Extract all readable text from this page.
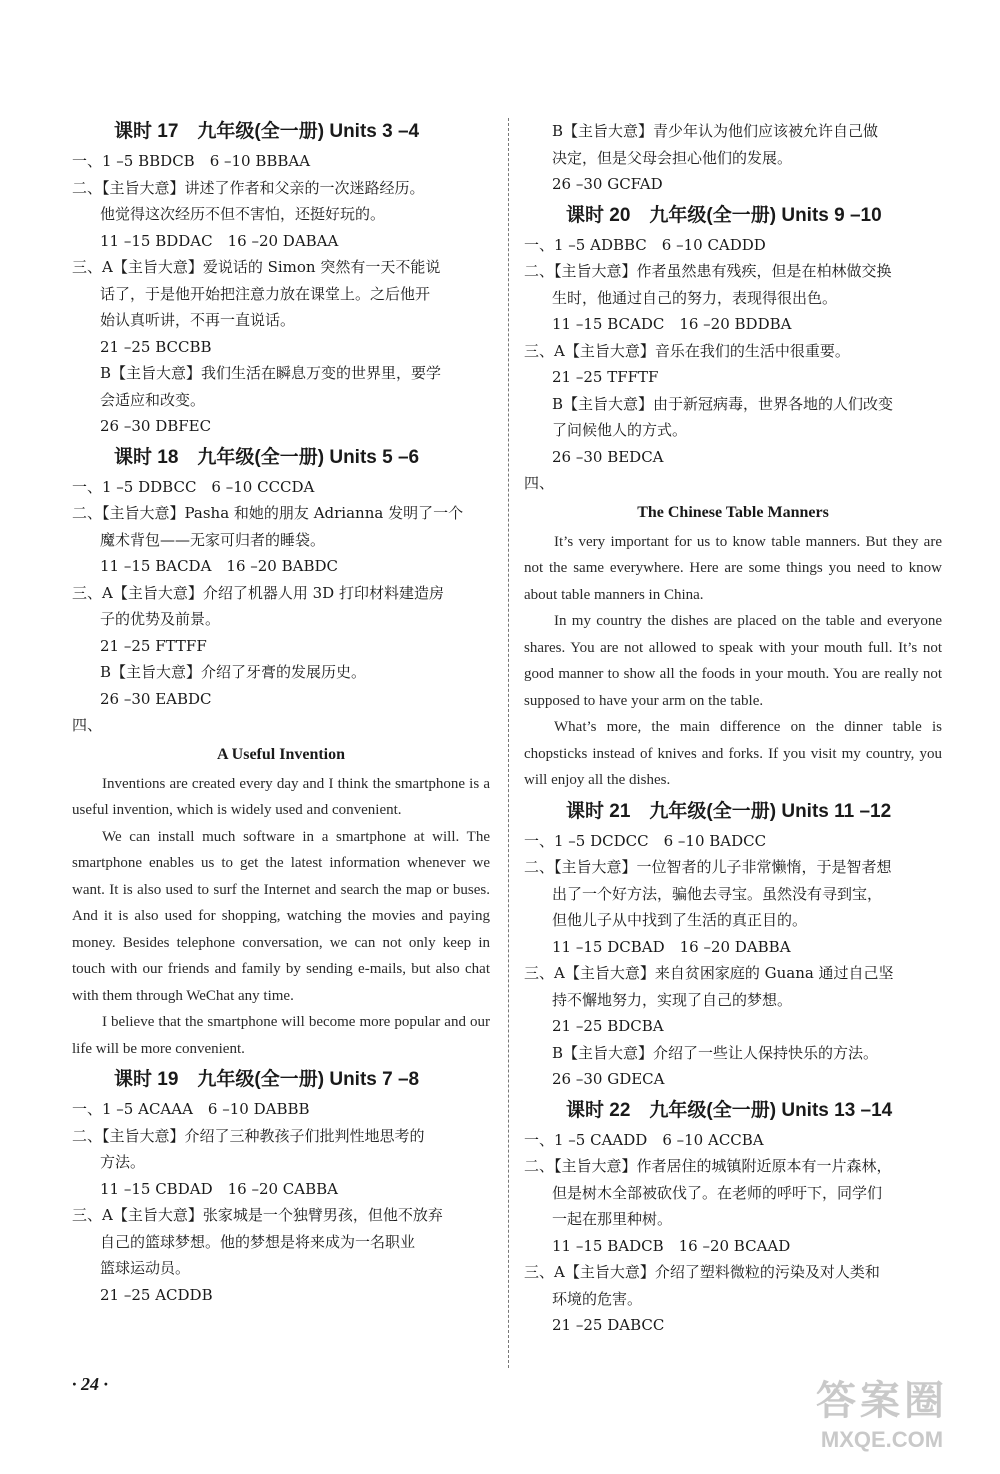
课时 17　九年级(全一册) Units 3 –4
一、1 –5 BBDCB　6 –10 BBBAA
二、【主旨大意】讲述了作者和父亲的一次迷路经历。
他觉得这次经历不但不害怕，还挺好玩的。
11 –15 BDDAC　16 –20 DABAA
三、A【主旨大意】爱说话的 Simon 突然有一天不能说
话了，于是他开始把注意力放在课堂上。之后他开
始认真听讲，不再一直说话。
21 –25 BCCBB
B【主旨大意】我们生活在瞬息万变的世界里，要学
会适应和改变。
26 –30 DBFEC
课时 18　九年级(全一册) Units 5 –6
一、1 –5 DDBCC　6 –10 CCCDA
二、【主旨大意】Pasha 和她的朋友 Adrianna 发明了一个
魔术背包——无家可归者的睡袋。
11 –15 BACDA　16 –20 BABDC
三、A【主旨大意】介绍了机器人用 3D 打印材料建造房
子的优势及前景。
21 –25 FTTFF
B【主旨大意】介绍了牙膏的发展历史。
26 –30 EABDC
四、
A Useful Invention

Inventions are created every day and I think the smartphone is a useful invention, which is widely used and convenient.

We can install much software in a smartphone at will. The smartphone enables us to get the latest information whenever we want. It is also used to surf the Internet and search the map or buses. And it is also used for shopping, watching the movies and paying money. Besides telephone conversation, we can not only keep in touch with our friends and family by sending e-mails, but also chat with them through WeChat any time.

I believe that the smartphone will become more popular and our life will be more convenient.

课时 19　九年级(全一册) Units 7 –8
一、1 –5 ACAAA　6 –10 DABBB
二、【主旨大意】介绍了三种教孩子们批判性地思考的
方法。
11 –15 CBDAD　16 –20 CABBA
三、A【主旨大意】张家城是一个独臂男孩，但他不放弃
自己的篮球梦想。他的梦想是将来成为一名职业
篮球运动员。
21 –25 ACDDB
B【主旨大意】青少年认为他们应该被允许自己做
决定，但是父母会担心他们的发展。
26 –30 GCFAD
课时 20　九年级(全一册) Units 9 –10
一、1 –5 ADBBC　6 –10 CADDD
二、【主旨大意】作者虽然患有残疾，但是在柏林做交换
生时，他通过自己的努力，表现得很出色。
11 –15 BCADC　16 –20 BDDBA
三、A【主旨大意】音乐在我们的生活中很重要。
21 –25 TFFTF
B【主旨大意】由于新冠病毒，世界各地的人们改变
了问候他人的方式。
26 –30 BEDCA
四、
The Chinese Table Manners

It’s very important for us to know table manners. But they are not the same everywhere. Here are some things you need to know about table manners in China.

In my country the dishes are placed on the table and everyone shares. You are not allowed to speak with your mouth full. It’s not good manner to show all the foods in your mouth. You are really not supposed to have your arm on the table.

What’s more, the main difference on the dinner table is chopsticks instead of knives and forks. If you visit my country, you will enjoy all the dishes.

课时 21　九年级(全一册) Units 11 –12
一、1 –5 DCDCC　6 –10 BADCC
二、【主旨大意】一位智者的儿子非常懒惰，于是智者想
出了一个好方法，骗他去寻宝。虽然没有寻到宝，
但他儿子从中找到了生活的真正目的。
11 –15 DCBAD　16 –20 DABBA
三、A【主旨大意】来自贫困家庭的 Guana 通过自己坚
持不懈地努力，实现了自己的梦想。
21 –25 BDCBA
B【主旨大意】介绍了一些让人保持快乐的方法。
26 –30 GDECA
课时 22　九年级(全一册) Units 13 –14
一、1 –5 CAADD　6 –10 ACCBA
二、【主旨大意】作者居住的城镇附近原本有一片森林，
但是树木全部被砍伐了。在老师的呼吁下，同学们
一起在那里种树。
11 –15 BADCB　16 –20 BCAAD
三、A【主旨大意】介绍了塑料微粒的污染及对人类和
环境的危害。
21 –25 DABCC
· 24 ·	答案圈
MXQE.COM
